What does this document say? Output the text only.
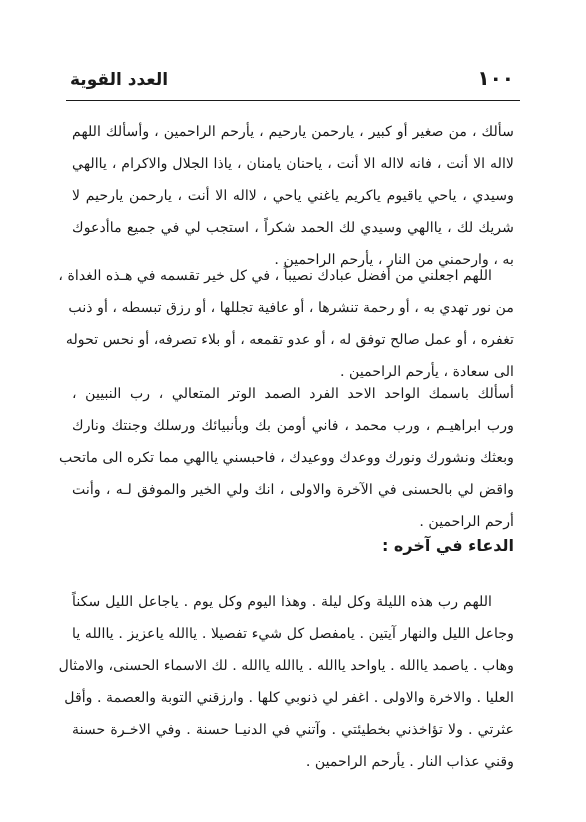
العدد القوية	١٠٠
سألك ، من صغير أو كبير ، يارحمن يارحيم ، يأرحم الراحمين ، وأسألك اللهم
لااله الا أنت ، فانه لااله الا أنت ، ياحنان يامنان ، ياذا الجلال والاكرام ، ياالهي
وسيدي ، ياحي ياقيوم ياكريم ياغني ياحي ، لااله الا أنت ، يارحمن يارحيم لا
شريك لك ، ياالهي وسيدي لك الحمد شكراً ، استجب لي في جميع ماأدعوك
به ، وارحمني من النار ، يأرحم الراحمين .
اللهم اجعلني من أفضل عبادك نصيباً ، في كل خير تقسمه في هـذه الغداة ،
من نور تهدي به ، أو رحمة تنشرها ، أو عافية تجللها ، أو رزق تبسطه ، أو ذنب
تغفره ، أو عمل صالح توفق له ، أو عدو تقمعه ، أو بلاء تصرفه، أو نحس تحوله
الى سعادة ، يأرحم الراحمين .
أسألك باسمك الواحد الاحد الفرد الصمد الوتر المتعالي ، رب النبيين ،
ورب ابراهيـم ، ورب محمد ، فاني أومن بك وبأنبيائك ورسلك وجنتك ونارك
وبعثك ونشورك ونورك ووعدك ووعيدك ، فاحبسني ياالهي مما تكره الى ماتحب
واقض لي بالحسنى في الآخرة والاولى ، انك ولي الخير والموفق لـه ، وأنت
أرحم الراحمين .
الدعاء في آخره :
اللهم رب هذه الليلة وكل ليلة . وهذا اليوم وكل يوم . ياجاعل الليل سكناً
وجاعل الليل والنهار آيتين . يامفصل كل شيء تفصيلا . ياالله ياعزيز . ياالله يا
وهاب . ياصمد ياالله . ياواحد ياالله . ياالله ياالله . لك الاسماء الحسنى، والامثال
العليا . والاخرة والاولى . اغفر لي ذنوبي كلها . وارزقني التوبة والعصمة . وأقل
عثرتي . ولا تؤاخذني بخطيئتي . وآتني في الدنيـا حسنة . وفي الاخـرة حسنة
وقني عذاب النار . يأرحم الراحمين .
